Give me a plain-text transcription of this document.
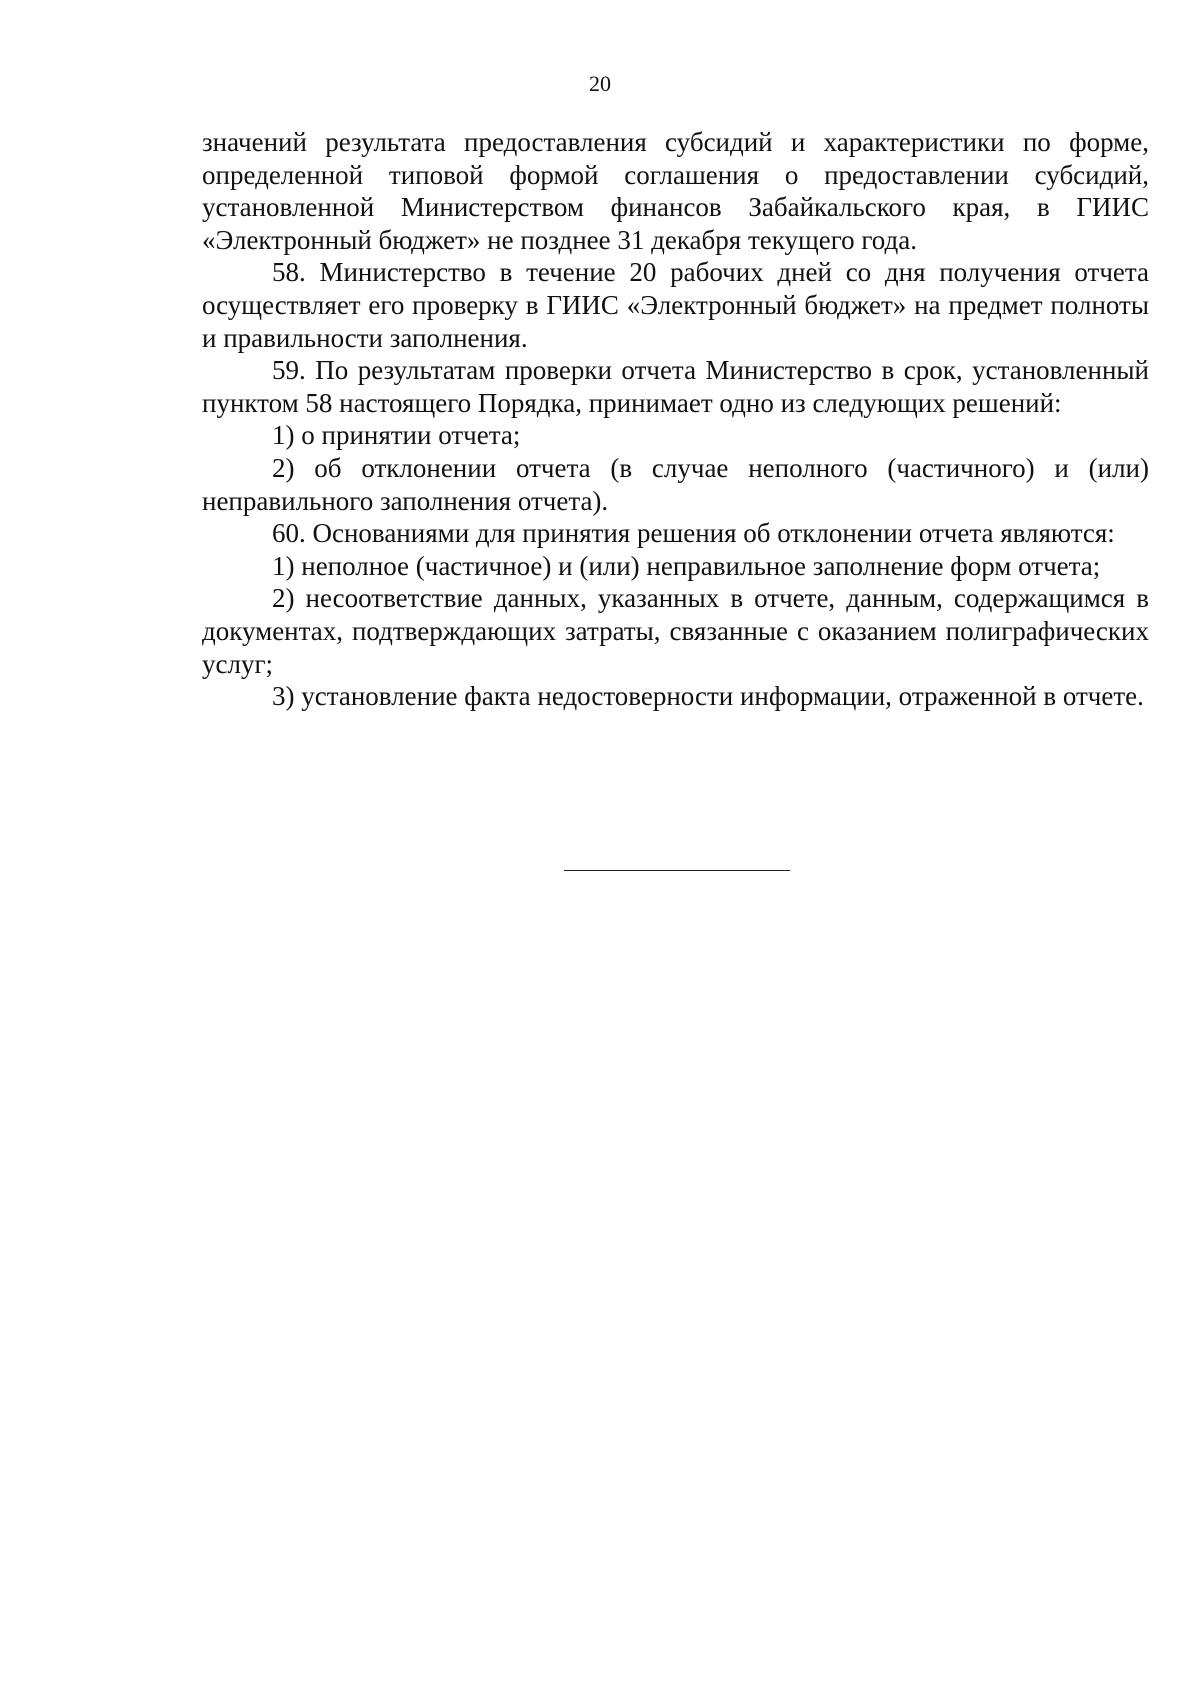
20

значений результата предоставления субсидий и характеристики по форме, определенной типовой формой соглашения о предоставлении субсидий, установленной Министерством финансов Забайкальского края, в ГИИС «Электронный бюджет» не позднее 31 декабря текущего года.

58. Министерство в течение 20 рабочих дней со дня получения отчета осуществляет его проверку в ГИИС «Электронный бюджет» на предмет полноты и правильности заполнения.

59. По результатам проверки отчета Министерство в срок, установленный пунктом 58 настоящего Порядка, принимает одно из следующих решений:

1) о принятии отчета;

2) об отклонении отчета (в случае неполного (частичного) и (или) неправильного заполнения отчета).

60. Основаниями для принятия решения об отклонении отчета являются:

1) неполное (частичное) и (или) неправильное заполнение форм отчета;

2) несоответствие данных, указанных в отчете, данным, содержащимся в документах, подтверждающих затраты, связанные с оказанием полиграфических услуг;

3) установление факта недостоверности информации, отраженной в отчете.
